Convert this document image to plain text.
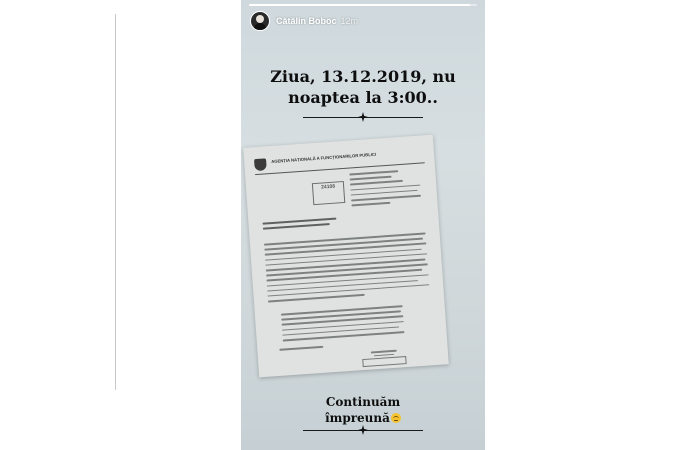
Cătălin Boboc 12m
Ziua, 13.12.2019, nu
noaptea la 3:00..
Continuăm
împreună
AGENȚIA NAȚIONALĂ A FUNCȚIONARILOR PUBLICI
24108
